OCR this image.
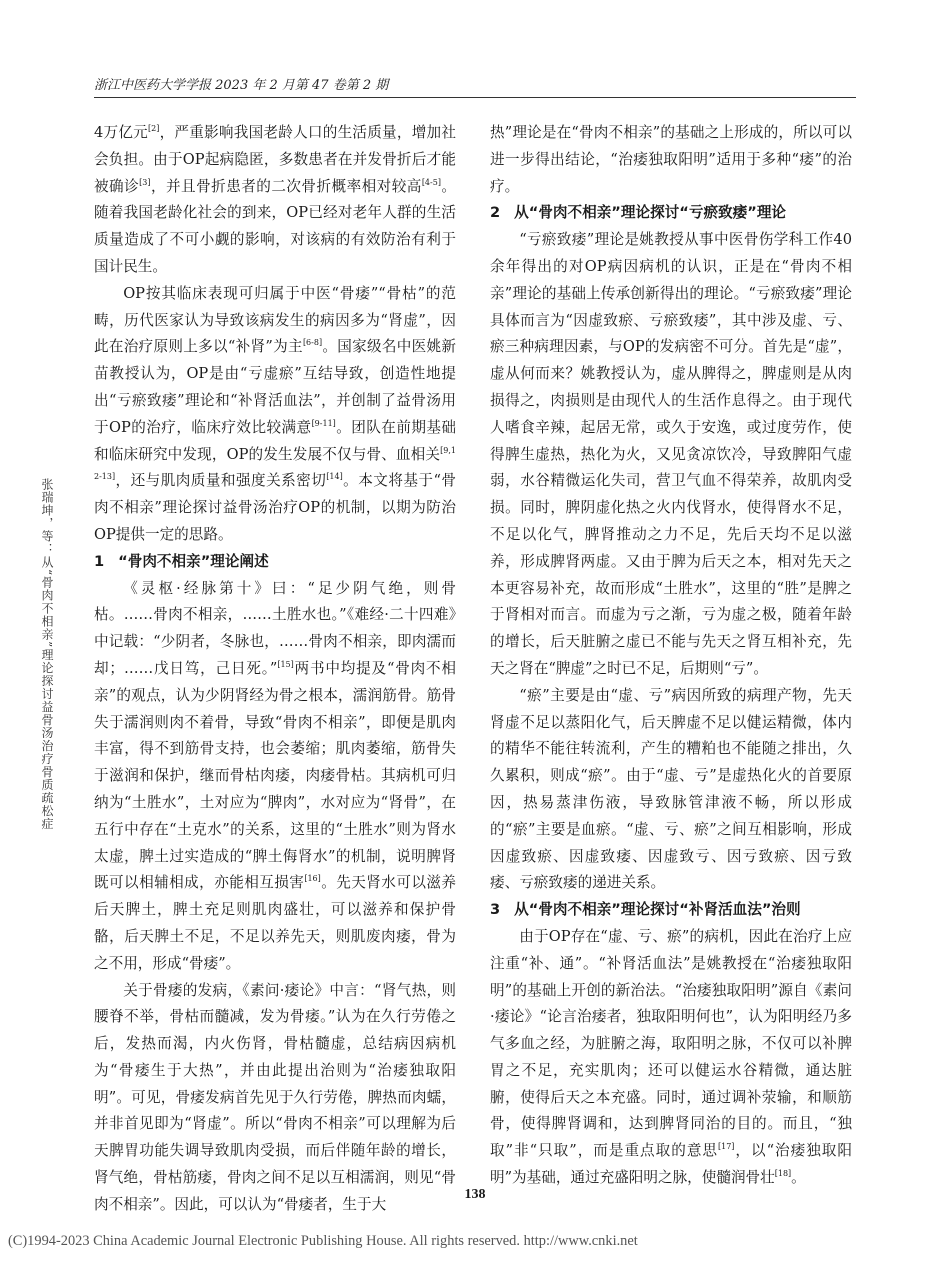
浙江中医药大学学报 2023 年 2 月第 47 卷第 2 期
张瑞坤，等：从“骨肉不相亲”理论探讨益骨汤治疗骨质疏松症

4万亿元[2]，严重影响我国老龄人口的生活质量，增加社会负担。由于OP起病隐匿，多数患者在并发骨折后才能被确诊[3]，并且骨折患者的二次骨折概率相对较高[4-5]。随着我国老龄化社会的到来，OP已经对老年人群的生活质量造成了不可小觑的影响，对该病的有效防治有利于国计民生。

OP按其临床表现可归属于中医“骨痿”“骨枯”的范畴，历代医家认为导致该病发生的病因多为“肾虚”，因此在治疗原则上多以“补肾”为主[6-8]。国家级名中医姚新苗教授认为，OP是由“亏虚瘀”互结导致，创造性地提出“亏瘀致痿”理论和“补肾活血法”，并创制了益骨汤用于OP的治疗，临床疗效比较满意[9-11]。团队在前期基础和临床研究中发现，OP的发生发展不仅与骨、血相关[9,12-13]，还与肌肉质量和强度关系密切[14]。本文将基于“骨肉不相亲”理论探讨益骨汤治疗OP的机制，以期为防治OP提供一定的思路。

1 “骨肉不相亲”理论阐述

《灵枢·经脉第十》曰：“足少阴气绝，则骨枯。……骨肉不相亲，……土胜水也。”《难经·二十四难》中记载：“少阴者，冬脉也，……骨肉不相亲，即肉濡而却；……戊日笃，己日死。”[15]两书中均提及“骨肉不相亲”的观点，认为少阴肾经为骨之根本，濡润筋骨。筋骨失于濡润则肉不着骨，导致“骨肉不相亲”，即便是肌肉丰富，得不到筋骨支持，也会萎缩；肌肉萎缩，筋骨失于滋润和保护，继而骨枯肉痿，肉痿骨枯。其病机可归纳为“土胜水”，土对应为“脾肉”，水对应为“肾骨”，在五行中存在“土克水”的关系，这里的“土胜水”则为肾水太虚，脾土过实造成的“脾土侮肾水”的机制，说明脾肾既可以相辅相成，亦能相互损害[16]。先天肾水可以滋养后天脾土，脾土充足则肌肉盛壮，可以滋养和保护骨骼，后天脾土不足，不足以养先天，则肌废肉痿，骨为之不用，形成“骨痿”。

关于骨痿的发病，《素问·痿论》中言：“肾气热，则腰脊不举，骨枯而髓减，发为骨痿。”认为在久行劳倦之后，发热而渴，内火伤肾，骨枯髓虚，总结病因病机为“骨痿生于大热”，并由此提出治则为“治痿独取阳明”。可见，骨痿发病首先见于久行劳倦，脾热而肉蠕，并非首见即为“肾虚”。所以“骨肉不相亲”可以理解为后天脾胃功能失调导致肌肉受损，而后伴随年龄的增长，肾气绝，骨枯筋痿，骨肉之间不足以互相濡润，则见“骨肉不相亲”。因此，可以认为“骨痿者，生于大

热”理论是在“骨肉不相亲”的基础之上形成的，所以可以进一步得出结论，“治痿独取阳明”适用于多种“痿”的治疗。

2 从“骨肉不相亲”理论探讨“亏瘀致痿”理论

“亏瘀致痿”理论是姚教授从事中医骨伤学科工作40余年得出的对OP病因病机的认识，正是在“骨肉不相亲”理论的基础上传承创新得出的理论。“亏瘀致痿”理论具体而言为“因虚致瘀、亏瘀致痿”，其中涉及虚、亏、瘀三种病理因素，与OP的发病密不可分。首先是“虚”，虚从何而来？姚教授认为，虚从脾得之，脾虚则是从肉损得之，肉损则是由现代人的生活作息得之。由于现代人嗜食辛辣，起居无常，或久于安逸，或过度劳作，使得脾生虚热，热化为火，又见贪凉饮冷，导致脾阳气虚弱，水谷精微运化失司，营卫气血不得荣养，故肌肉受损。同时，脾阴虚化热之火内伐肾水，使得肾水不足，不足以化气，脾肾推动之力不足，先后天均不足以滋养，形成脾肾两虚。又由于脾为后天之本，相对先天之本更容易补充，故而形成“土胜水”，这里的“胜”是脾之于肾相对而言。而虚为亏之渐，亏为虚之极，随着年龄的增长，后天脏腑之虚已不能与先天之肾互相补充，先天之肾在“脾虚”之时已不足，后期则“亏”。

“瘀”主要是由“虚、亏”病因所致的病理产物，先天肾虚不足以蒸阳化气，后天脾虚不足以健运精微，体内的精华不能往转流利，产生的糟粕也不能随之排出，久久累积，则成“瘀”。由于“虚、亏”是虚热化火的首要原因，热易蒸津伤液，导致脉管津液不畅，所以形成的“瘀”主要是血瘀。“虚、亏、瘀”之间互相影响，形成因虚致瘀、因虚致痿、因虚致亏、因亏致瘀、因亏致痿、亏瘀致痿的递进关系。

3 从“骨肉不相亲”理论探讨“补肾活血法”治则

由于OP存在“虚、亏、瘀”的病机，因此在治疗上应注重“补、通”。“补肾活血法”是姚教授在“治痿独取阳明”的基础上开创的新治法。“治痿独取阳明”源自《素问·痿论》“论言治痿者，独取阳明何也”，认为阳明经乃多气多血之经，为脏腑之海，取阳明之脉，不仅可以补脾胃之不足，充实肌肉；还可以健运水谷精微，通达脏腑，使得后天之本充盛。同时，通过调补荥输，和顺筋骨，使得脾肾调和，达到脾肾同治的目的。而且，“独取”非“只取”，而是重点取的意思[17]，以“治痿独取阳明”为基础，通过充盛阳明之脉，使髓润骨壮[18]。

138
(C)1994-2023 China Academic Journal Electronic Publishing House. All rights reserved. http://www.cnki.net
